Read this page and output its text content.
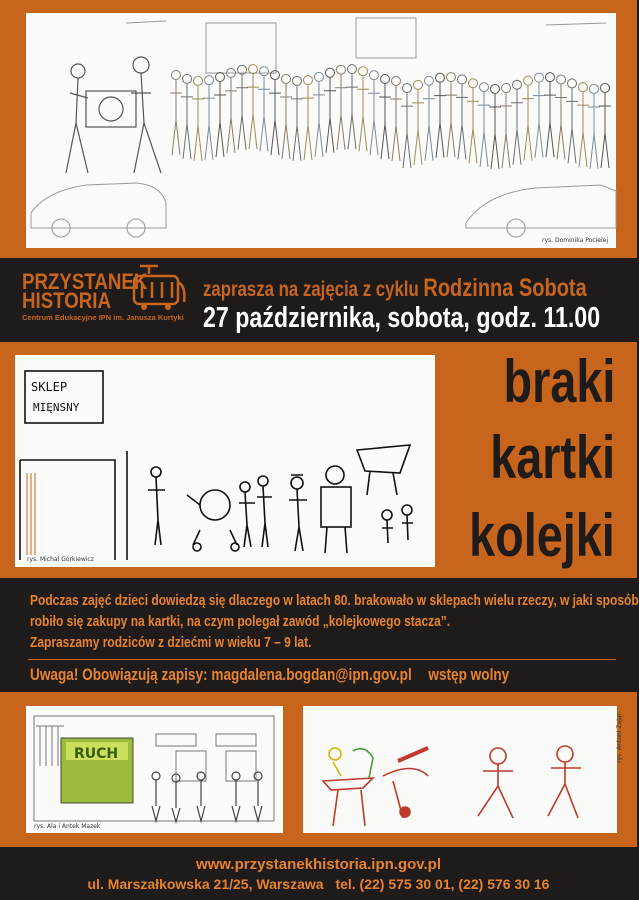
rys. Dominika Pocielej
PRZYSTANEK
HISTORIA
Centrum Edukacyjne IPN im. Janusza Kurtyki
zaprasza na zajęcia z cyklu Rodzinna Sobota
27 października, sobota, godz. 11.00
SKLEP
MIĘNSNY
rys. Michał Górkiewicz
braki
kartki
kolejki
Podczas zajęć dzieci dowiedzą się dlaczego w latach 80. brakowało w sklepach wielu rzeczy, w jaki sposób
robiło się zakupy na kartki, na czym polegał zawód „kolejkowego stacza”.
Zapraszamy rodziców z dziećmi w wieku 7 – 9 lat.
Uwaga! Obowiązują zapisy: magdalena.bogdan@ipn.gov.pl wstęp wolny
RUCH
rys. Ala i Antek Mazek
rys. Antoni Zając
www.przystanekhistoria.ipn.gov.pl
ul. Marszałkowska 21/25, Warszawa tel. (22) 575 30 01, (22) 576 30 16
